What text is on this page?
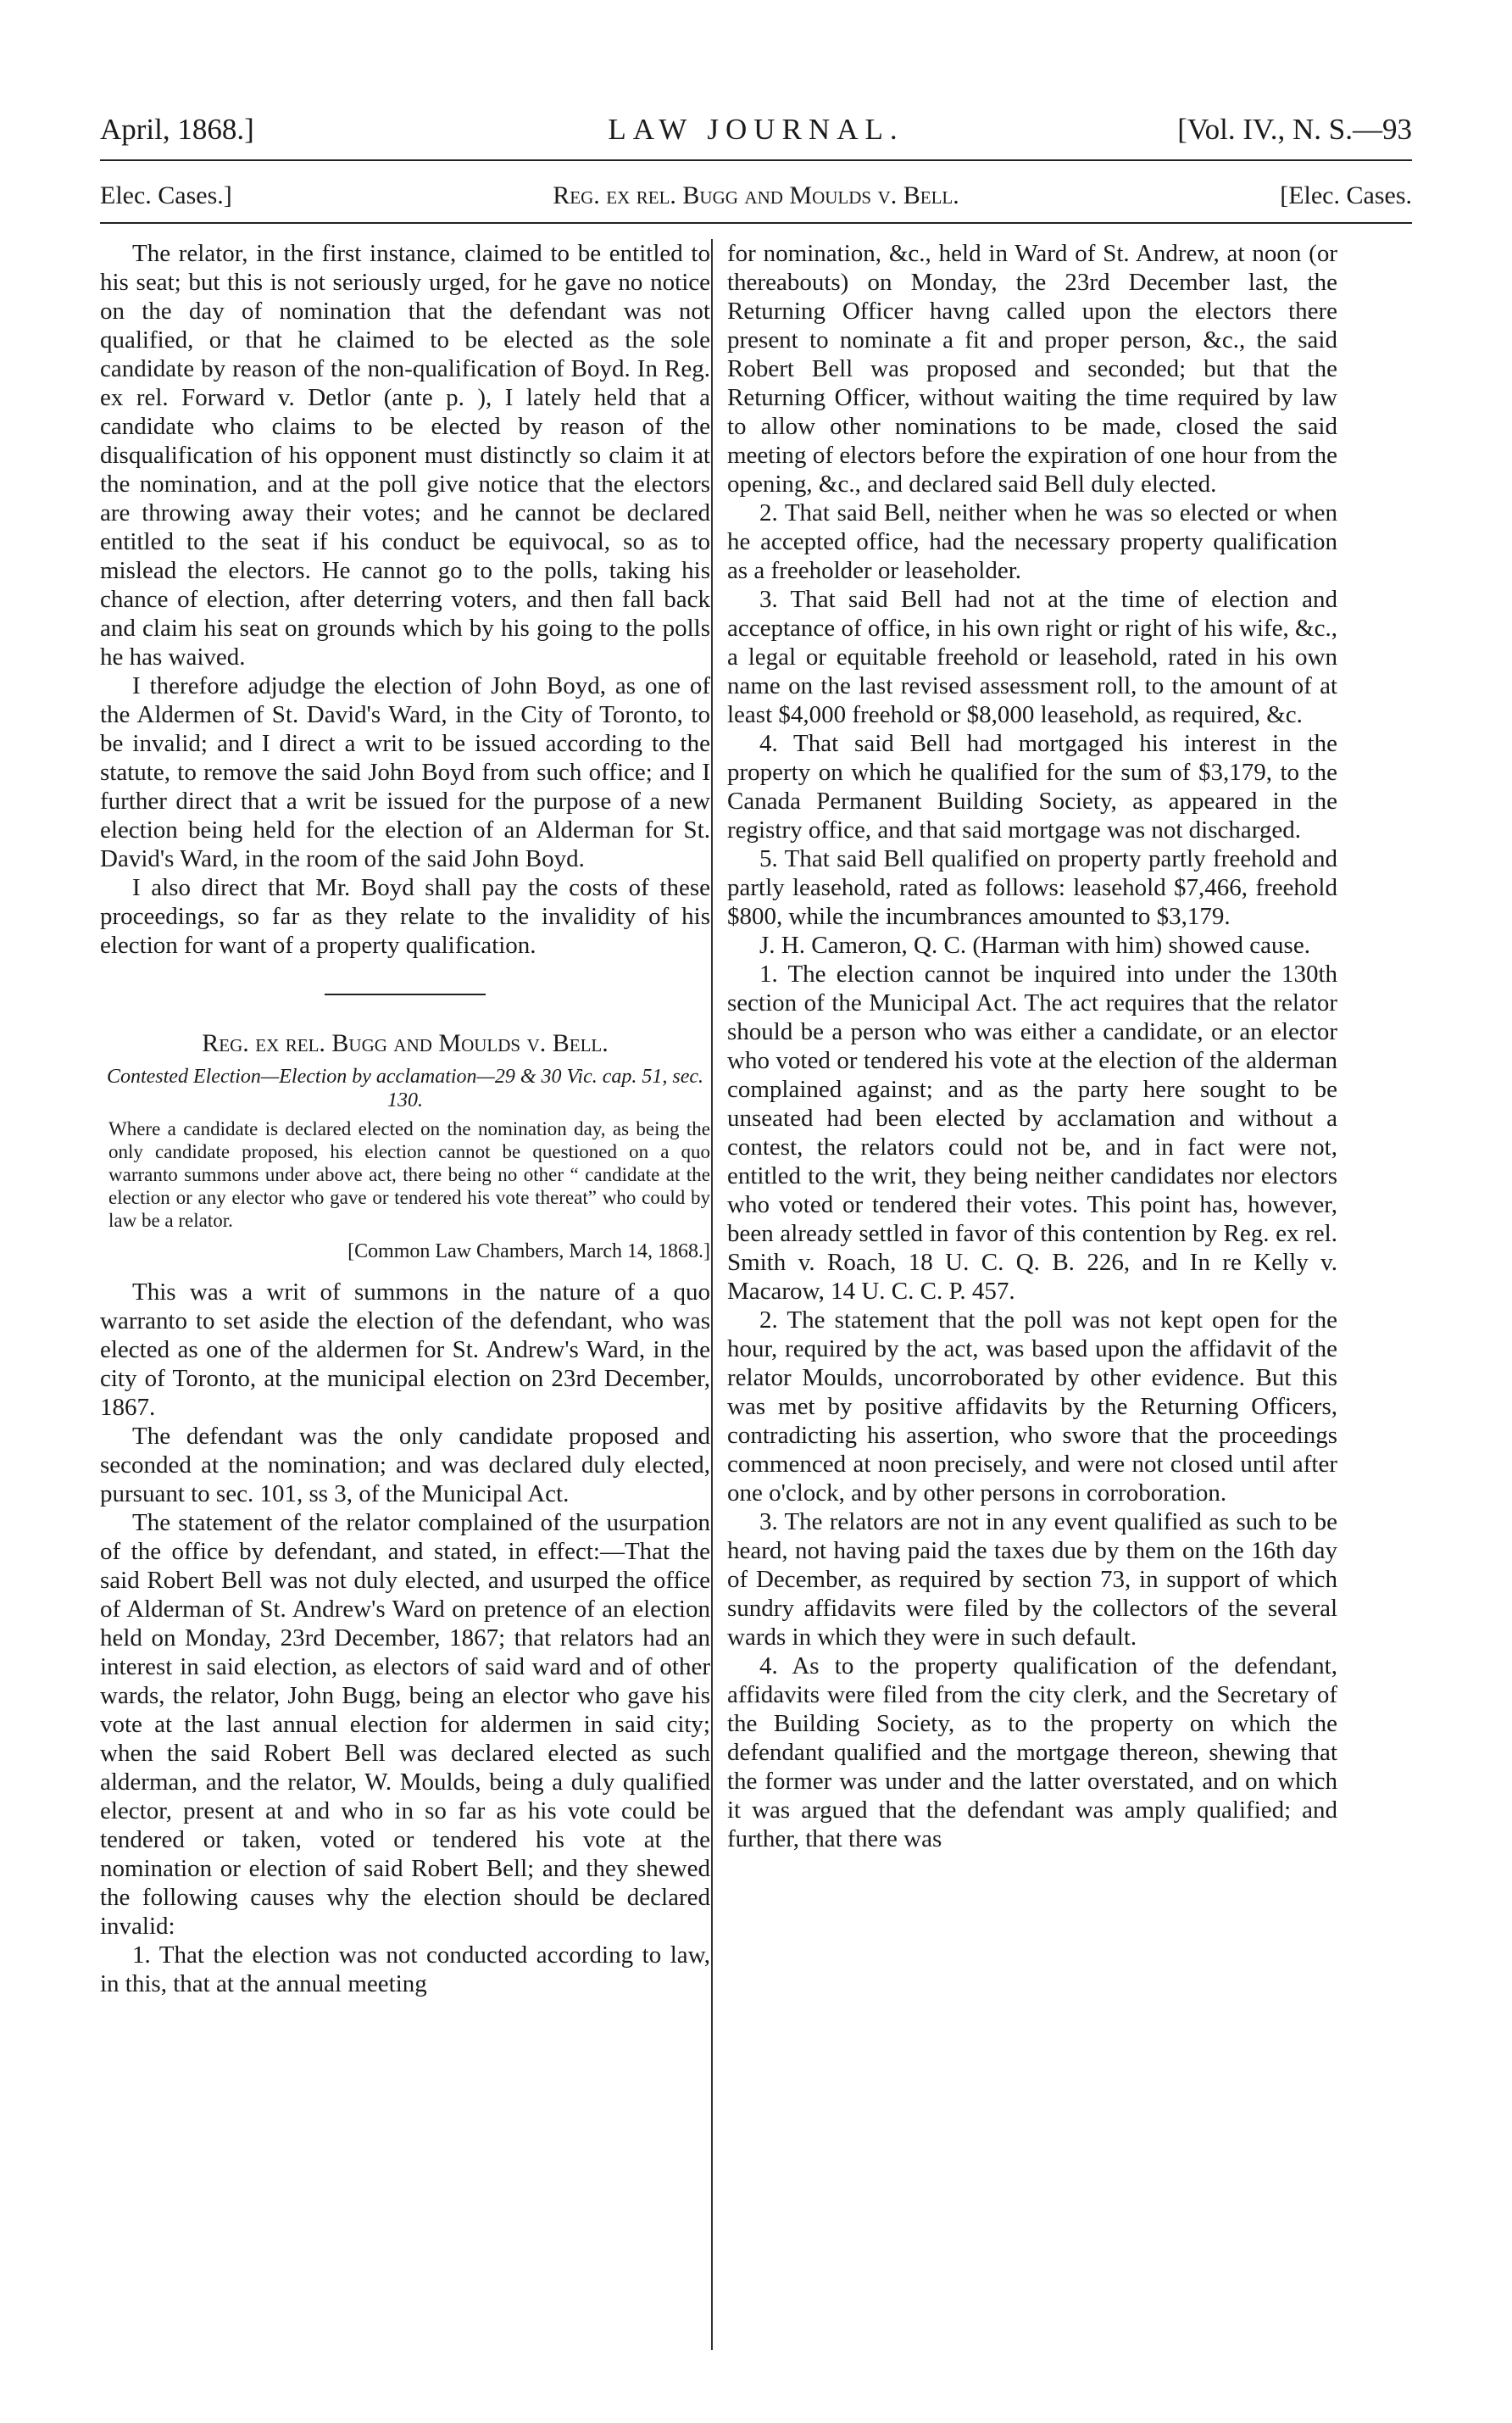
April, 1868.]	LAW JOURNAL.	[Vol. IV., N. S.—93
Elec. Cases.]	Reg. ex rel. Bugg and Moulds v. Bell.	[Elec. Cases.

The relator, in the first instance, claimed to be entitled to his seat; but this is not seriously urged, for he gave no notice on the day of nomination that the defendant was not qualified, or that he claimed to be elected as the sole candidate by reason of the non-qualification of Boyd. In Reg. ex rel. Forward v. Detlor (ante p. ), I lately held that a candidate who claims to be elected by reason of the disqualification of his opponent must distinctly so claim it at the nomination, and at the poll give notice that the electors are throwing away their votes; and he cannot be declared entitled to the seat if his conduct be equivocal, so as to mislead the electors. He cannot go to the polls, taking his chance of election, after deterring voters, and then fall back and claim his seat on grounds which by his going to the polls he has waived.

I therefore adjudge the election of John Boyd, as one of the Aldermen of St. David's Ward, in the City of Toronto, to be invalid; and I direct a writ to be issued according to the statute, to remove the said John Boyd from such office; and I further direct that a writ be issued for the purpose of a new election being held for the election of an Alderman for St. David's Ward, in the room of the said John Boyd.

I also direct that Mr. Boyd shall pay the costs of these proceedings, so far as they relate to the invalidity of his election for want of a property qualification.

Reg. ex rel. Bugg and Moulds v. Bell.

Contested Election—Election by acclamation—29 & 30 Vic. cap. 51, sec. 130.

Where a candidate is declared elected on the nomination day, as being the only candidate proposed, his election cannot be questioned on a quo warranto summons under above act, there being no other “ candidate at the election or any elector who gave or tendered his vote thereat” who could by law be a relator.

[Common Law Chambers, March 14, 1868.]

This was a writ of summons in the nature of a quo warranto to set aside the election of the defendant, who was elected as one of the aldermen for St. Andrew's Ward, in the city of Toronto, at the municipal election on 23rd December, 1867.

The defendant was the only candidate proposed and seconded at the nomination; and was declared duly elected, pursuant to sec. 101, ss 3, of the Municipal Act.

The statement of the relator complained of the usurpation of the office by defendant, and stated, in effect:—That the said Robert Bell was not duly elected, and usurped the office of Alderman of St. Andrew's Ward on pretence of an election held on Monday, 23rd December, 1867; that relators had an interest in said election, as electors of said ward and of other wards, the relator, John Bugg, being an elector who gave his vote at the last annual election for aldermen in said city; when the said Robert Bell was declared elected as such alderman, and the relator, W. Moulds, being a duly qualified elector, present at and who in so far as his vote could be tendered or taken, voted or tendered his vote at the nomination or election of said Robert Bell; and they shewed the following causes why the election should be declared invalid:

1. That the election was not conducted according to law, in this, that at the annual meeting

for nomination, &c., held in Ward of St. Andrew, at noon (or thereabouts) on Monday, the 23rd December last, the Returning Officer havng called upon the electors there present to nominate a fit and proper person, &c., the said Robert Bell was proposed and seconded; but that the Returning Officer, without waiting the time required by law to allow other nominations to be made, closed the said meeting of electors before the expiration of one hour from the opening, &c., and declared said Bell duly elected.

2. That said Bell, neither when he was so elected or when he accepted office, had the necessary property qualification as a freeholder or leaseholder.

3. That said Bell had not at the time of election and acceptance of office, in his own right or right of his wife, &c., a legal or equitable freehold or leasehold, rated in his own name on the last revised assessment roll, to the amount of at least $4,000 freehold or $8,000 leasehold, as required, &c.

4. That said Bell had mortgaged his interest in the property on which he qualified for the sum of $3,179, to the Canada Permanent Building Society, as appeared in the registry office, and that said mortgage was not discharged.

5. That said Bell qualified on property partly freehold and partly leasehold, rated as follows: leasehold $7,466, freehold $800, while the incumbrances amounted to $3,179.

J. H. Cameron, Q. C. (Harman with him) showed cause.

1. The election cannot be inquired into under the 130th section of the Municipal Act. The act requires that the relator should be a person who was either a candidate, or an elector who voted or tendered his vote at the election of the alderman complained against; and as the party here sought to be unseated had been elected by acclamation and without a contest, the relators could not be, and in fact were not, entitled to the writ, they being neither candidates nor electors who voted or tendered their votes. This point has, however, been already settled in favor of this contention by Reg. ex rel. Smith v. Roach, 18 U. C. Q. B. 226, and In re Kelly v. Macarow, 14 U. C. C. P. 457.

2. The statement that the poll was not kept open for the hour, required by the act, was based upon the affidavit of the relator Moulds, uncorroborated by other evidence. But this was met by positive affidavits by the Returning Officers, contradicting his assertion, who swore that the proceedings commenced at noon precisely, and were not closed until after one o'clock, and by other persons in corroboration.

3. The relators are not in any event qualified as such to be heard, not having paid the taxes due by them on the 16th day of December, as required by section 73, in support of which sundry affidavits were filed by the collectors of the several wards in which they were in such default.

4. As to the property qualification of the defendant, affidavits were filed from the city clerk, and the Secretary of the Building Society, as to the property on which the defendant qualified and the mortgage thereon, shewing that the former was under and the latter overstated, and on which it was argued that the defendant was amply qualified; and further, that there was
